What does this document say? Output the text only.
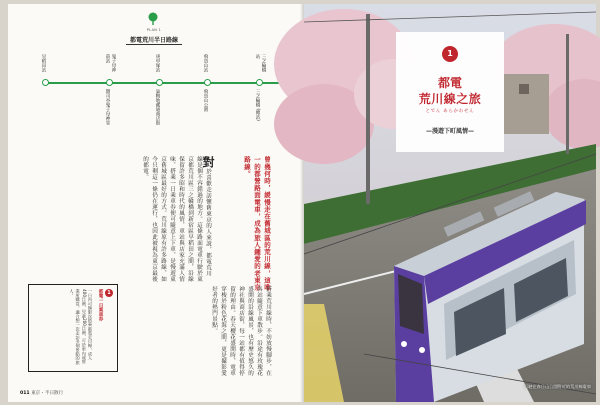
PLAN 1
都電荒川半日路線
三之輪橋站
三之輪橋 (總站)
飛鳥山站
飛鳥山公園
庚申塚站
巢鴨地藏通商店街
鬼子母神前站
雜司谷鬼子母神堂
早稻田站
曾幾何時，緩慢走在舊城區的荒川線，這唯一的都營路面電車，成為旅人鍾愛的老東京路線。
對於喜歡走訪懷舊東京的人來說，都電荒川線是個不容錯過的地方。這條路面電車行駛於東京都荒川區三之輪橋到新宿區早稻田之間，沿線保留許多昭和時代的風情，車站與店家充滿人情味，搭乘一日乘車券便可隨意上下車，是慢遊東京舊城區最好的方式。荒川線原有許多路線，如今只剩這一條仍在運行，也因此被視為東京最後的都電。
1
都電一日乘車券
一日內可無限次搭乘都電荒川線，成人400日圓，兒童200日圓，可於車內或營業所購買，適合想一次走訪多個景點的旅人。	搭乘荒川線時，不妨放慢腳步，在各站隨意下車散步。沿途有玫瑰花盛開的沿線風景，也有歷史悠久的神社與商店街，每一站都有值得停留的理由。春天櫻花盛開時，電車穿梭於粉色花海之間，更是攝影愛好者的熱門景點。
011 東京・半日散行
1
都電
荒川線之旅
とでん あらかわせん
—漫遊下町風情—
行駛在春日山公園附近的荒川線電車
